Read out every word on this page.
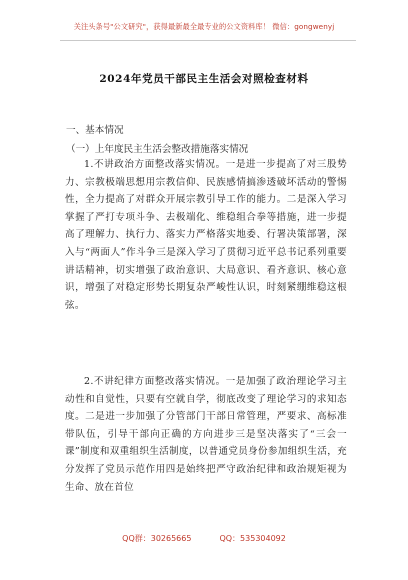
关注头条号"公文研究"，获得最新最全最专业的公文资料库！ 微信：gongwenyj
2024年党员干部民主生活会对照检查材料
一、基本情况
（一）上年度民主生活会整改措施落实情况

1.不讲政治方面整改落实情况。一是进一步提高了对三股势力、宗教极端思想用宗教信仰、民族感情搞渗透破坏活动的警惕性，全力提高了对群众开展宗教引导工作的能力。二是深入学习掌握了严打专项斗争、去极端化、维稳组合拳等措施，进一步提高了理解力、执行力、落实力严格落实地委、行署决策部署，深入与“两面人”作斗争三是深入学习了贯彻习近平总书记系列重要讲话精神，切实增强了政治意识、大局意识、看齐意识、核心意识，增强了对稳定形势长期复杂严峻性认识，时刻紧绷维稳这根弦。

2.不讲纪律方面整改落实情况。一是加强了政治理论学习主动性和自觉性，只要有空就自学，彻底改变了理论学习的求知态度。二是进一步加强了分管部门干部日常管理，严要求、高标准带队伍，引导干部向正确的方向进步三是坚决落实了“三会一课”制度和双重组织生活制度，以普通党员身份参加组织生活，充分发挥了党员示范作用四是始终把严守政治纪律和政治规矩视为生命、放在首位

QQ群：30265665	QQ：535304092
